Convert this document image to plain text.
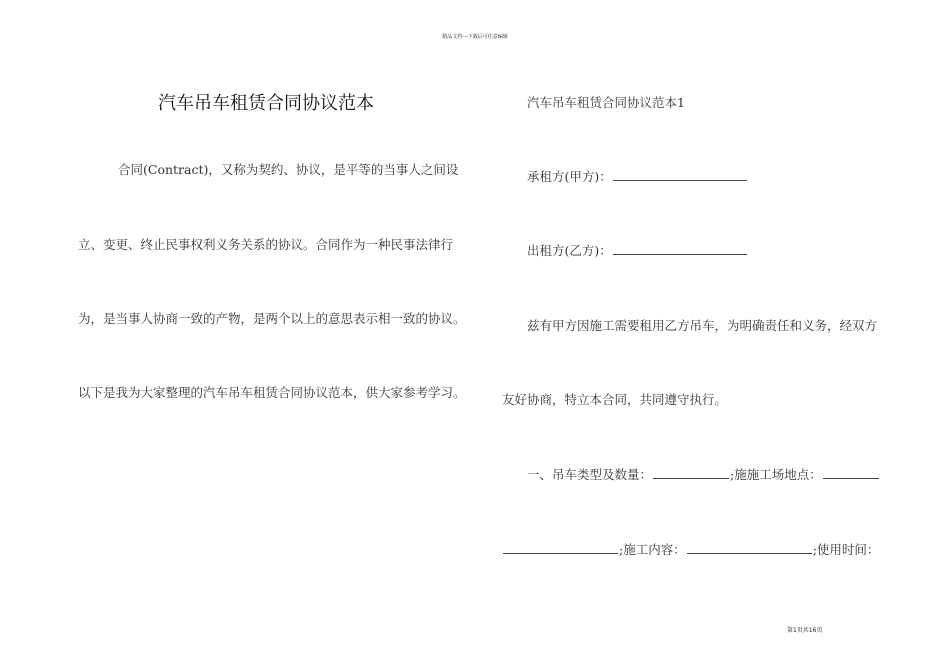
精品文档---下载后可任意编辑
汽车吊车租赁合同协议范本
合同(Contract)，又称为契约、协议，是平等的当事人之间设
立、变更、终止民事权利义务关系的协议。合同作为一种民事法律行
为，是当事人协商一致的产物，是两个以上的意思表示相一致的协议。
以下是我为大家整理的汽车吊车租赁合同协议范本，供大家参考学习。
汽车吊车租赁合同协议范本1
承租方(甲方)：
出租方(乙方)：
兹有甲方因施工需要租用乙方吊车，为明确责任和义务，经双方
友好协商，特立本合同，共同遵守执行。
一、吊车类型及数量：	;施施工场地点：
;施工内容：	;使用时间：
第1页共16页
